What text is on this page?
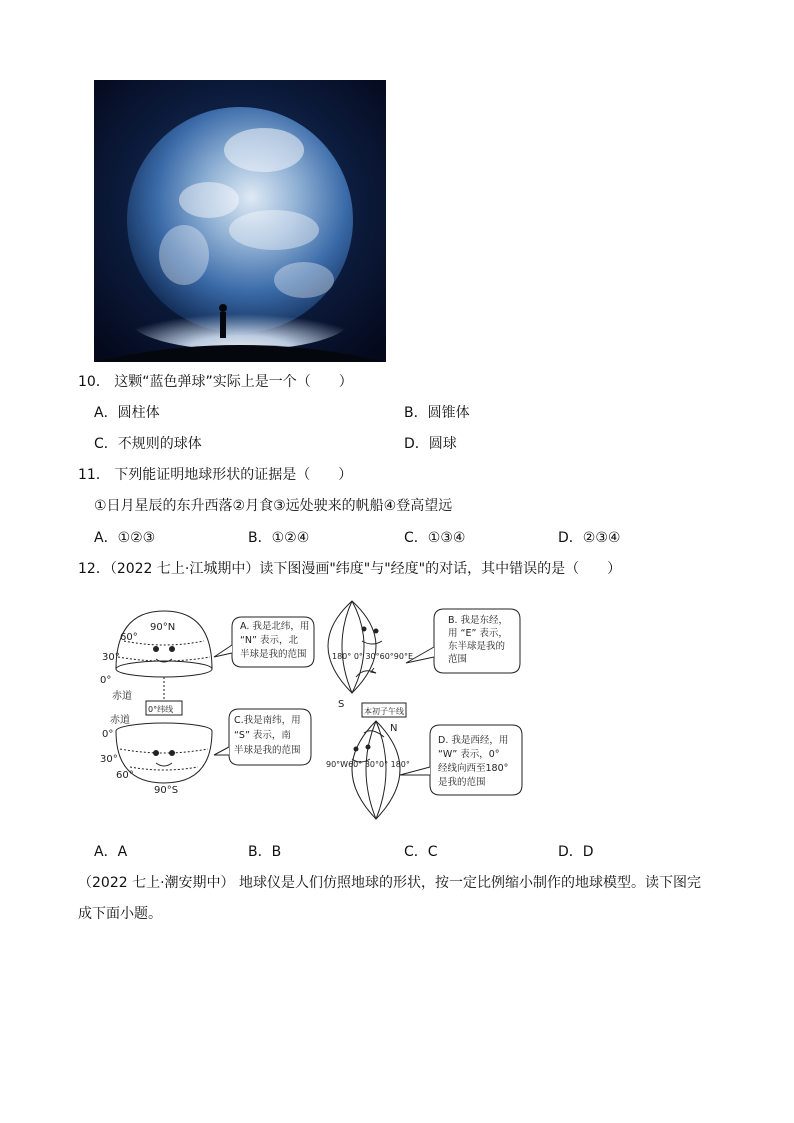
10． 这颗“蓝色弹球”实际上是一个（　　）
A．圆柱体	B．圆锥体
C．不规则的球体	D．圆球
11． 下列能证明地球形状的证据是（　　）
①日月星辰的东升西落②月食③远处驶来的帆船④登高望远
A．①②③	B．①②④	C．①③④	D．②③④
12．（2022 七上·江城期中）读下图漫画"纬度"与"经度"的对话，其中错误的是（　　）
90°N
60°
30°
0°
赤道
0°纬线
赤道
0°
30°
60°
90°S
A. 我是北纬，用
“N” 表示，北
半球是我的范围
C.我是南纬，用
“S” 表示，南
半球是我的范围
180° 0° 30°60°90°E
S
本初子午线
B. 我是东经，
用 “E” 表示，
东半球是我的
范围
N
90°W60° 30°0° 180°
D. 我是西经，用
“W” 表示，0°
经线向西至180°
是我的范围
A．A	B．B	C．C	D．D
（2022 七上·潮安期中） 地球仪是人们仿照地球的形状，按一定比例缩小制作的地球模型。读下图完
成下面小题。
